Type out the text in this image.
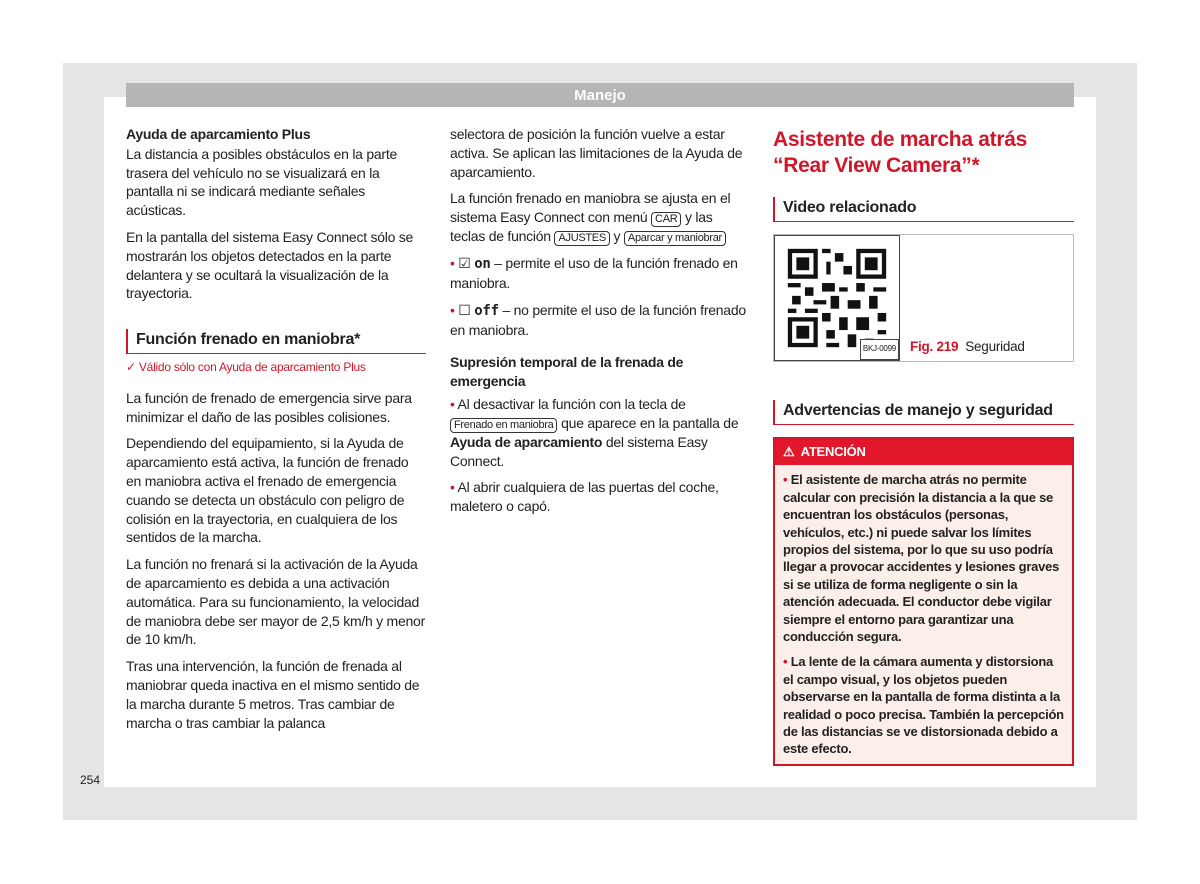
Manejo

Ayuda de aparcamiento Plus

La distancia a posibles obstáculos en la parte trasera del vehículo no se visualizará en la pantalla ni se indicará mediante señales acústicas.

En la pantalla del sistema Easy Connect sólo se mostrarán los objetos detectados en la parte delantera y se ocultará la visualización de la trayectoria.

Función frenado en maniobra*

✓ Válido sólo con Ayuda de aparcamiento Plus

La función de frenado de emergencia sirve para minimizar el daño de las posibles colisiones.

Dependiendo del equipamiento, si la Ayuda de aparcamiento está activa, la función de frenado en maniobra activa el frenado de emergencia cuando se detecta un obstáculo con peligro de colisión en la trayectoria, en cualquiera de los sentidos de la marcha.

La función no frenará si la activación de la Ayuda de aparcamiento es debida a una activación automática. Para su funcionamiento, la velocidad de maniobra debe ser mayor de 2,5 km/h y menor de 10 km/h.

Tras una intervención, la función de frenada al maniobrar queda inactiva en el mismo sentido de la marcha durante 5 metros. Tras cambiar de marcha o tras cambiar la palanca

selectora de posición la función vuelve a estar activa. Se aplican las limitaciones de la Ayuda de aparcamiento.

La función frenado en maniobra se ajusta en el sistema Easy Connect con menú CAR y las teclas de función AJUSTES y Aparcar y maniobrar

• ☑ on – permite el uso de la función frenado en maniobra.

• ☐ off – no permite el uso de la función frenado en maniobra.

Supresión temporal de la frenada de emergencia

• Al desactivar la función con la tecla de Frenado en maniobra que aparece en la pantalla de Ayuda de aparcamiento del sistema Easy Connect.

• Al abrir cualquiera de las puertas del coche, maletero o capó.

Asistente de marcha atrás “Rear View Camera”*
Video relacionado
BKJ-0099 Fig. 219 Seguridad
Advertencias de manejo y seguridad
⚠ ATENCIÓN

• El asistente de marcha atrás no permite calcular con precisión la distancia a la que se encuentran los obstáculos (personas, vehículos, etc.) ni puede salvar los límites propios del sistema, por lo que su uso podría llegar a provocar accidentes y lesiones graves si se utiliza de forma negligente o sin la atención adecuada. El conductor debe vigilar siempre el entorno para garantizar una conducción segura.

• La lente de la cámara aumenta y distorsiona el campo visual, y los objetos pueden observarse en la pantalla de forma distinta a la realidad o poco precisa. También la percepción de las distancias se ve distorsionada debido a este efecto.

254
